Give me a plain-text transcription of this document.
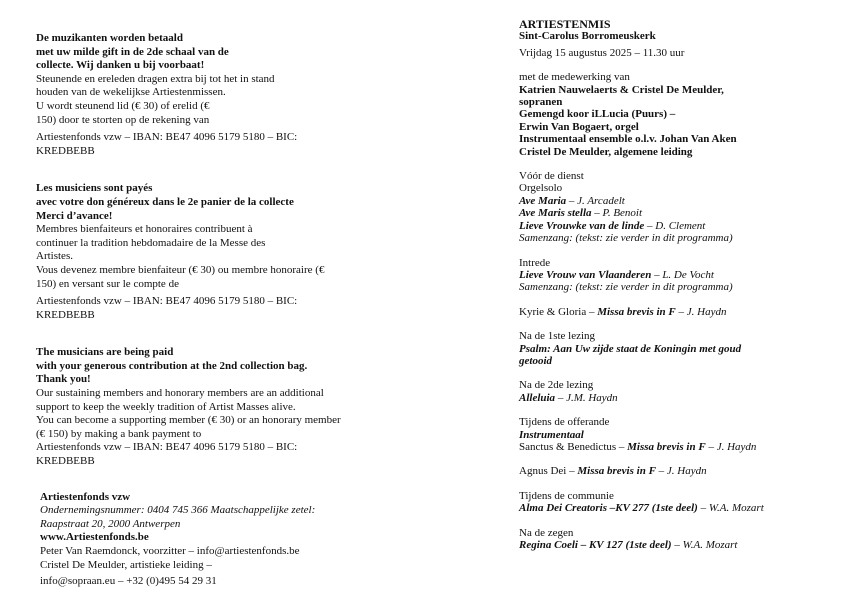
De muzikanten worden betaald
met uw milde gift in de 2de schaal van de
collecte. Wij danken u bij voorbaat!
Steunende en ereleden dragen extra bij tot het in stand
houden van de wekelijkse Artiestenmissen.
U wordt steunend lid (€ 30) of erelid (€
150) door te storten op de rekening van
Artiestenfonds vzw – IBAN: BE47 4096 5179 5180 – BIC:
KREDBEBB
Les musiciens sont payés
avec votre don généreux dans le 2e panier de la collecte
Merci d’avance!
Membres bienfaiteurs et honoraires contribuent à
continuer la tradition hebdomadaire de la Messe des
Artistes.
Vous devenez membre bienfaiteur (€ 30) ou membre honoraire (€
150) en versant sur le compte de
Artiestenfonds vzw – IBAN: BE47 4096 5179 5180 – BIC:
KREDBEBB
The musicians are being paid
with your generous contribution at the 2nd collection bag.
Thank you!
Our sustaining members and honorary members are an additional
support to keep the weekly tradition of Artist Masses alive.
You can become a supporting member (€ 30) or an honorary member
(€ 150) by making a bank payment to
Artiestenfonds vzw – IBAN: BE47 4096 5179 5180 – BIC:
KREDBEBB
Artiestenfonds vzw
Ondernemingsnummer: 0404 745 366 Maatschappelijke zetel:
Raapstraat 20, 2000 Antwerpen
www.Artiestenfonds.be
Peter Van Raemdonck, voorzitter – info@artiestenfonds.be
Cristel De Meulder, artistieke leiding –
info@sopraan.eu – +32 (0)495 54 29 31
ARTIESTENMIS
Sint-Carolus Borromeuskerk
Vrijdag 15 augustus 2025 – 11.30 uur
met de medewerking van
Katrien Nauwelaerts & Cristel De Meulder,
sopranen
Gemengd koor iLLucia (Puurs) –
Erwin Van Bogaert, orgel
Instrumentaal ensemble o.l.v. Johan Van Aken
Cristel De Meulder, algemene leiding
Vóór de dienst
Orgelsolo
Ave Maria – J. Arcadelt
Ave Maris stella – P. Benoit
Lieve Vrouwke van de linde – D. Clement
Samenzang: (tekst: zie verder in dit programma)
Intrede
Lieve Vrouw van Vlaanderen – L. De Vocht
Samenzang: (tekst: zie verder in dit programma)
Kyrie & Gloria – Missa brevis in F – J. Haydn
Na de 1ste lezing
Psalm: Aan Uw zijde staat de Koningin met goud
getooid
Na de 2de lezing
Alleluia – J.M. Haydn
Tijdens de offerande
Instrumentaal
Sanctus & Benedictus – Missa brevis in F – J. Haydn
Agnus Dei – Missa brevis in F – J. Haydn
Tijdens de communie
Alma Dei Creatoris –KV 277 (1ste deel) – W.A. Mozart
Na de zegen
Regina Coeli – KV 127 (1ste deel) – W.A. Mozart
